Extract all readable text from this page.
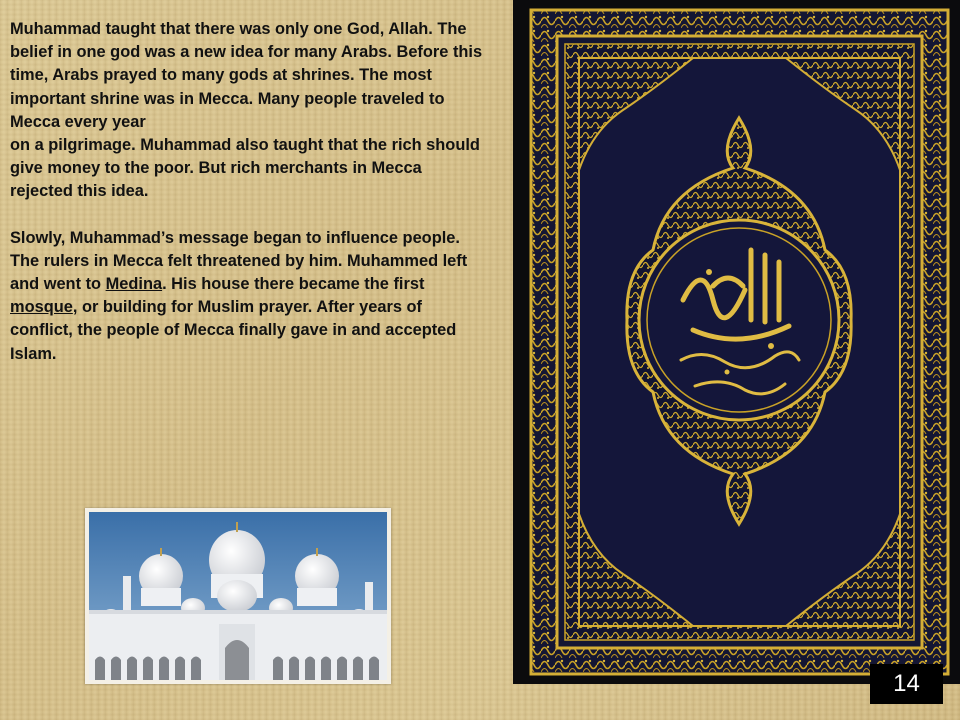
Muhammad taught that there was only one God, Allah. The belief in one god was a new idea for many Arabs. Before this time, Arabs prayed to many gods at shrines. The most important shrine was in Mecca. Many people traveled to Mecca every year
on a pilgrimage. Muhammad also taught that the rich should give money to the poor. But rich merchants in Mecca rejected this idea.

Slowly, Muhammad’s message began to influence people. The rulers in Mecca felt threatened by him. Muhammed left and went to Medina. His house there became the first mosque, or building for Muslim prayer. After years of conflict, the people of Mecca finally gave in and accepted Islam.

14
